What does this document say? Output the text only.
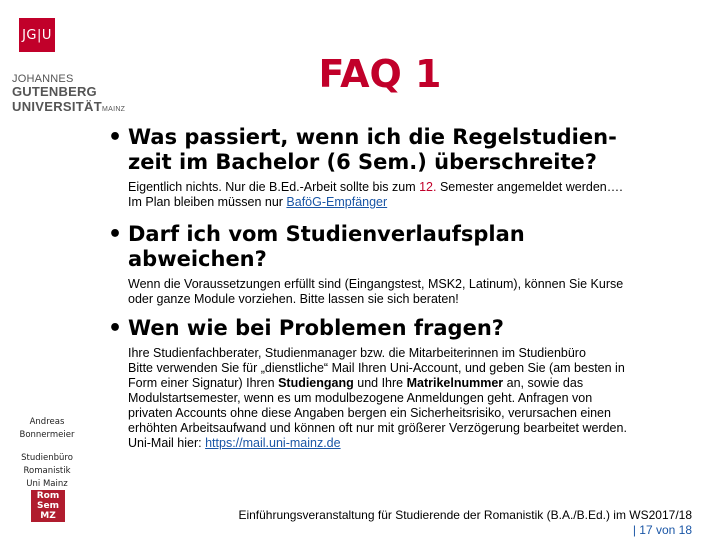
JG|U
JOHANNES GUTENBERG
UNIVERSITÄTMAINZ
FAQ 1
• Was passiert, wenn ich die Regelstudien-
zeit im Bachelor (6 Sem.) überschreite?
Eigentlich nichts. Nur die B.Ed.-Arbeit sollte bis zum 12. Semester angemeldet werden….
Im Plan bleiben müssen nur BaföG-Empfänger
• Darf ich vom Studienverlaufsplan
abweichen?
Wenn die Voraussetzungen erfüllt sind (Eingangstest, MSK2, Latinum), können Sie Kurse
oder ganze Module vorziehen. Bitte lassen sie sich beraten!
• Wen wie bei Problemen fragen?
Ihre Studienfachberater, Studienmanager bzw. die Mitarbeiterinnen im Studienbüro
Bitte verwenden Sie für „dienstliche“ Mail Ihren Uni-Account, und geben Sie (am besten in
Form einer Signatur) Ihren Studiengang und Ihre Matrikelnummer an, sowie das
Modulstartsemester, wenn es um modulbezogene Anmeldungen geht. Anfragen von
privaten Accounts ohne diese Angaben bergen ein Sicherheitsrisiko, verursachen einen
erhöhten Arbeitsaufwand und können oft nur mit größerer Verzögerung bearbeitet werden.
Uni-Mail hier: https://mail.uni-mainz.de
Andreas
Bonnermeier
Studienbüro
Romanistik
Uni Mainz
Rom
Sem
MZ	Einführungsveranstaltung für Studierende der Romanistik (B.A./B.Ed.) im WS2017/18
| 17 von 18
